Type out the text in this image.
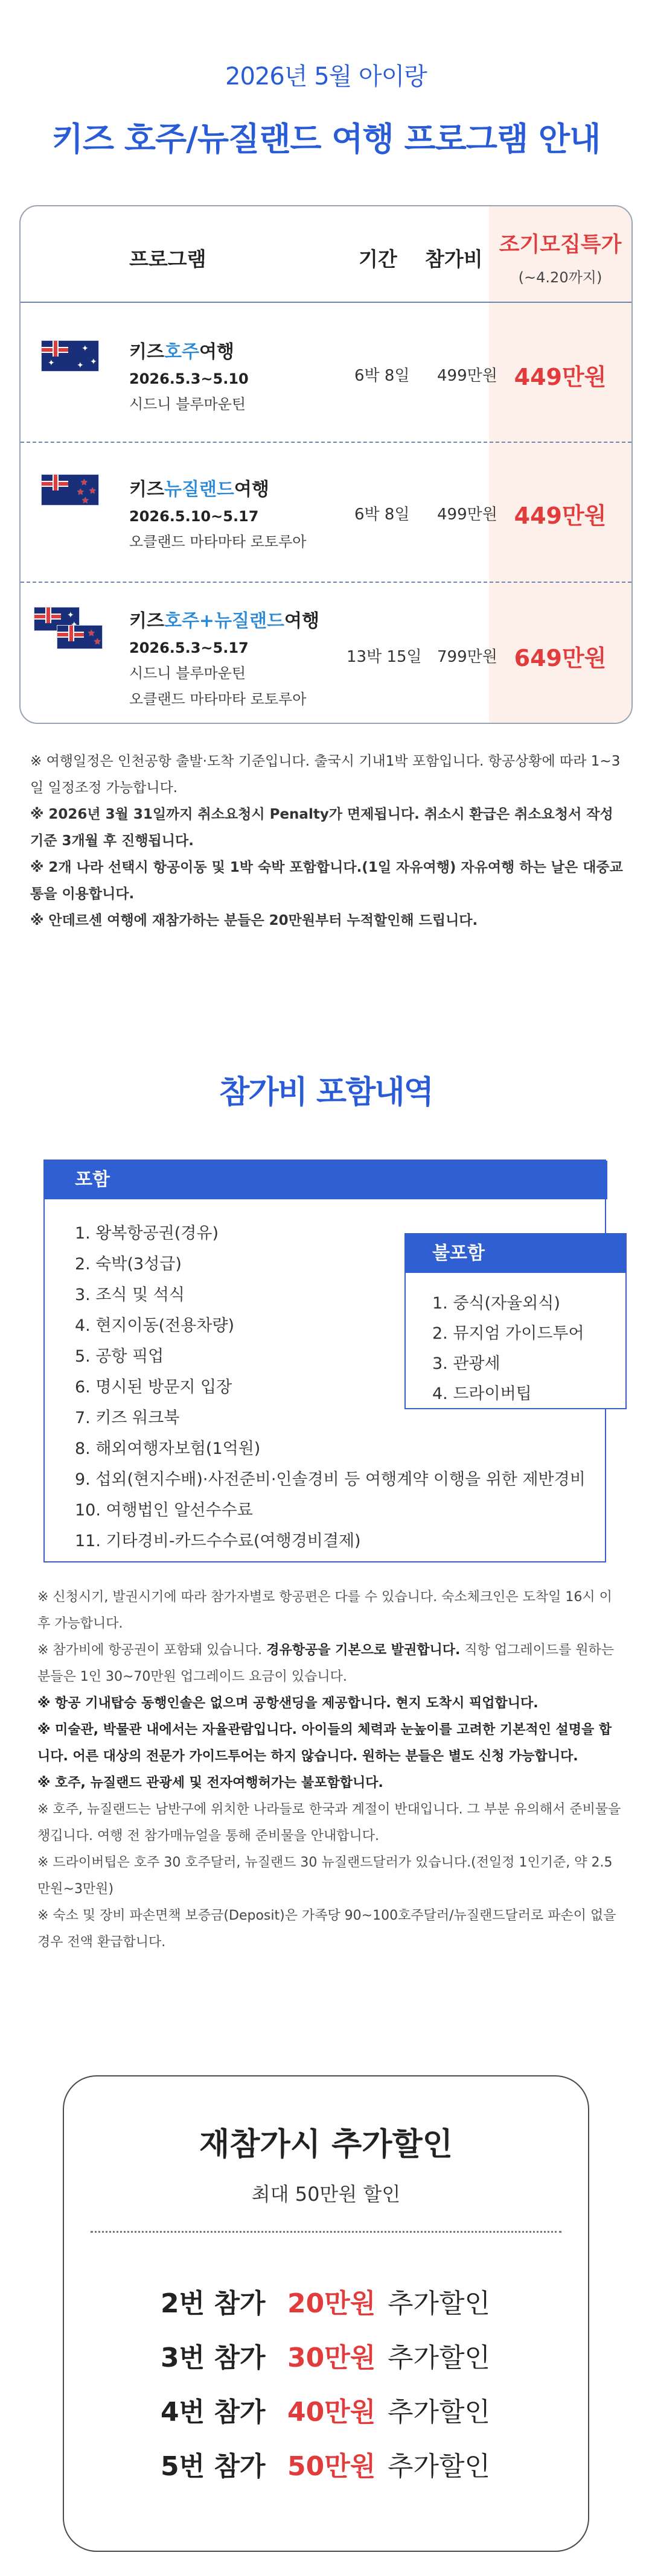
2026년 5월 아이랑
키즈 호주/뉴질랜드 여행 프로그램 안내
프로그램	기간 참가비
조기모집특가
(~4.20까지)
✦
✦
✦
✦
키즈호주여행
2026.5.3~5.10
시드니 블루마운틴
6박 8일 499만원 449만원
★
★
★
★
키즈뉴질랜드여행
2026.5.10~5.17
오클랜드 마타마타 로토루아
6박 8일 499만원 449만원
✦
★
★
키즈호주+뉴질랜드여행
2026.5.3~5.17
시드니 블루마운틴
오클랜드 마타마타 로토루아
13박 15일 799만원 649만원

※ 여행일정은 인천공항 출발·도착 기준입니다. 출국시 기내1박 포함입니다. 항공상황에 따라 1~3일 일정조정 가능합니다.

※ 2026년 3월 31일까지 취소요청시 Penalty가 면제됩니다. 취소시 환급은 취소요청서 작성 기준 3개월 후 진행됩니다.

※ 2개 나라 선택시 항공이동 및 1박 숙박 포함합니다.(1일 자유여행) 자유여행 하는 날은 대중교통을 이용합니다.

※ 안데르센 여행에 재참가하는 분들은 20만원부터 누적할인해 드립니다.

참가비 포함내역
포함
1. 왕복항공권(경유)
2. 숙박(3성급)
3. 조식 및 석식
4. 현지이동(전용차량)
5. 공항 픽업
6. 명시된 방문지 입장
7. 키즈 워크북
8. 해외여행자보험(1억원)
9. 섭외(현지수배)·사전준비·인솔경비 등 여행계약 이행을 위한 제반경비
10. 여행법인 알선수수료
11. 기타경비-카드수수료(여행경비결제)
불포함
1. 중식(자율외식)
2. 뮤지엄 가이드투어
3. 관광세
4. 드라이버팁

※ 신청시기, 발권시기에 따라 참가자별로 항공편은 다를 수 있습니다. 숙소체크인은 도착일 16시 이후 가능합니다.

※ 참가비에 항공권이 포함돼 있습니다. 경유항공을 기본으로 발권합니다. 직항 업그레이드를 원하는 분들은 1인 30~70만원 업그레이드 요금이 있습니다.

※ 항공 기내탑승 동행인솔은 없으며 공항샌딩을 제공합니다. 현지 도착시 픽업합니다.

※ 미술관, 박물관 내에서는 자율관람입니다. 아이들의 체력과 눈높이를 고려한 기본적인 설명을 합니다. 어른 대상의 전문가 가이드투어는 하지 않습니다. 원하는 분들은 별도 신청 가능합니다.

※ 호주, 뉴질랜드 관광세 및 전자여행허가는 불포함합니다.

※ 호주, 뉴질랜드는 남반구에 위치한 나라들로 한국과 계절이 반대입니다. 그 부분 유의해서 준비물을 챙깁니다. 여행 전 참가매뉴얼을 통해 준비물을 안내합니다.

※ 드라이버팁은 호주 30 호주달러, 뉴질랜드 30 뉴질랜드달러가 있습니다.(전일정 1인기준, 약 2.5만원~3만원)

※ 숙소 및 장비 파손면책 보증금(Deposit)은 가족당 90~100호주달러/뉴질랜드달러로 파손이 없을 경우 전액 환급합니다.

재참가시 추가할인
최대 50만원 할인
2번 참가 20만원 추가할인
3번 참가 30만원 추가할인
4번 참가 40만원 추가할인
5번 참가 50만원 추가할인
